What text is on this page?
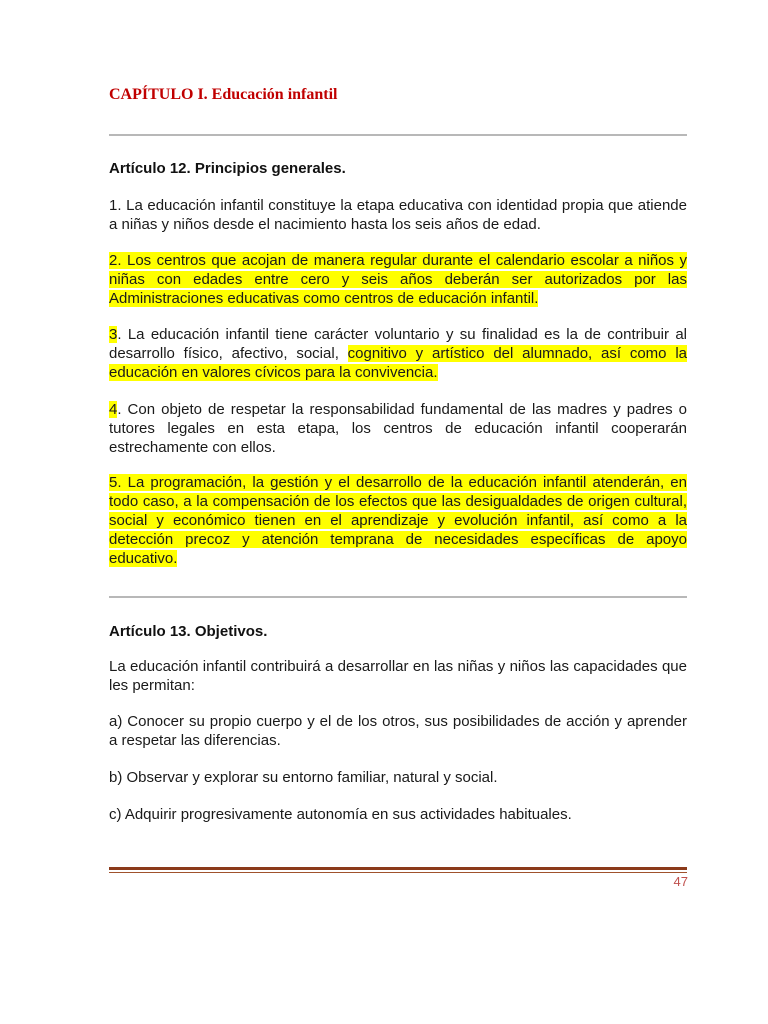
CAPÍTULO I. Educación infantil
Artículo 12. Principios generales.

1. La educación infantil constituye la etapa educativa con identidad propia que atiende a niñas y niños desde el nacimiento hasta los seis años de edad.

2. Los centros que acojan de manera regular durante el calendario escolar a niños y niñas con edades entre cero y seis años deberán ser autorizados por las Administraciones educativas como centros de educación infantil.

3. La educación infantil tiene carácter voluntario y su finalidad es la de contribuir al desarrollo físico, afectivo, social, cognitivo y artístico del alumnado, así como la educación en valores cívicos para la convivencia.

4. Con objeto de respetar la responsabilidad fundamental de las madres y padres o tutores legales en esta etapa, los centros de educación infantil cooperarán estrechamente con ellos.

5. La programación, la gestión y el desarrollo de la educación infantil atenderán, en todo caso, a la compensación de los efectos que las desigualdades de origen cultural, social y económico tienen en el aprendizaje y evolución infantil, así como a la detección precoz y atención temprana de necesidades específicas de apoyo educativo.

Artículo 13. Objetivos.

La educación infantil contribuirá a desarrollar en las niñas y niños las capacidades que les permitan:

a) Conocer su propio cuerpo y el de los otros, sus posibilidades de acción y aprender a respetar las diferencias.

b) Observar y explorar su entorno familiar, natural y social.

c) Adquirir progresivamente autonomía en sus actividades habituales.

47
